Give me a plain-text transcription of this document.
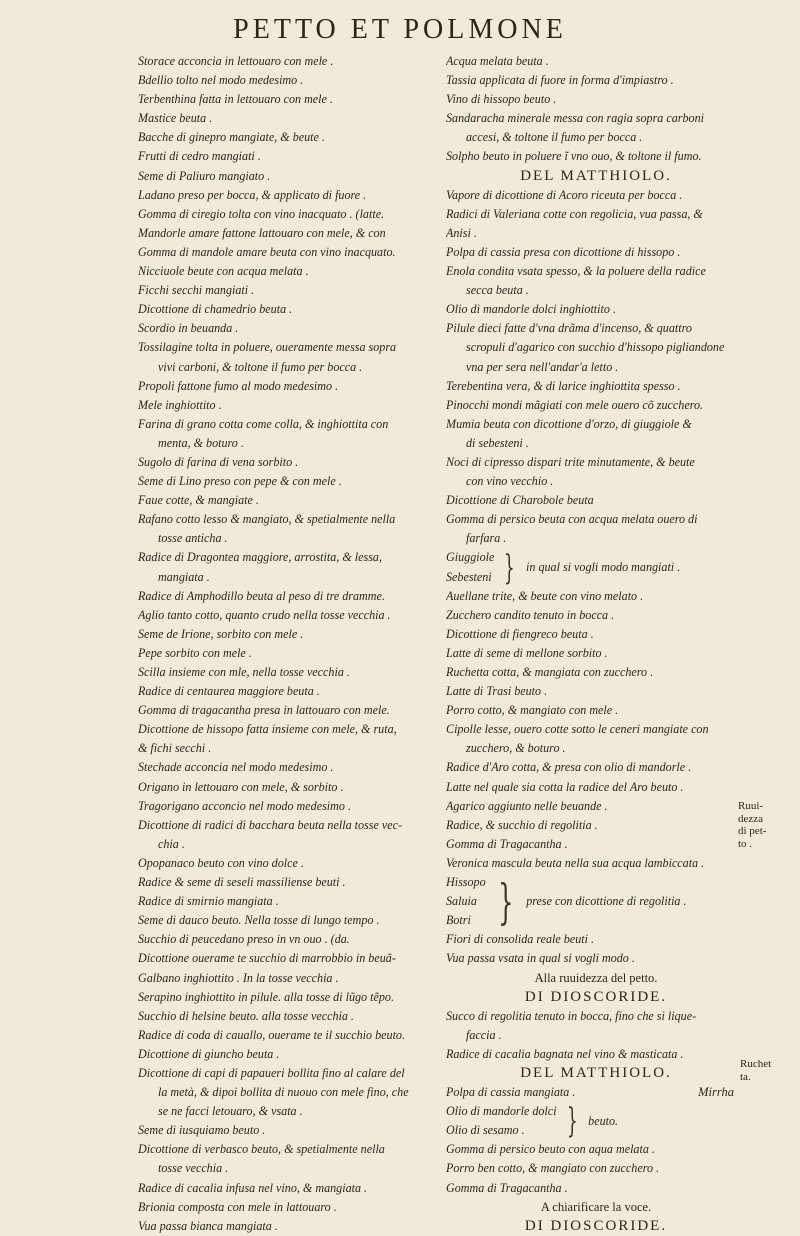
PETTO ET POLMONE
Storace acconcia in lettouaro con mele .
Bdellio tolto nel modo medesimo .
Terbenthina fatta in lettouaro con mele .
Mastice beuta .
Bacche di ginepro mangiate, & beute .
Frutti di cedro mangiati .
Seme di Paliuro mangiato .
Ladano preso per bocca, & applicato di fuore .
Gomma di ciregio tolta con vino inacquato . (latte.
Mandorle amare fattone lattouaro con mele, & con
Gomma di mandole amare beuta con vino inacquato.
Nicciuole beute con acqua melata .
Ficchi secchi mangiati .
Dicottione di chamedrio beuta .
Scordio in beuanda .
Tossilagine tolta in poluere, oueramente messa sopra
vivi carboni, & toltone il fumo per bocca .
Propoli fattone fumo al modo medesimo .
Mele inghiottito .
Farina di grano cotta come colla, & inghiottita con
menta, & boturo .
Sugolo di farina di vena sorbito .
Seme di Lino preso con pepe & con mele .
Faue cotte, & mangiate .
Rafano cotto lesso & mangiato, & spetialmente nella
tosse anticha .
Radice di Dragontea maggiore, arrostita, & lessa,
mangiata .
Radice di Amphodillo beuta al peso di tre dramme.
Aglio tanto cotto, quanto crudo nella tosse vecchia .
Seme de Irione, sorbito con mele .
Pepe sorbito con mele .
Scilla insieme con mle, nella tosse vecchia .
Radice di centaurea maggiore beuta .
Gomma di tragacantha presa in lattouaro con mele.
Dicottione de hissopo fatta insieme con mele, & ruta,
& fichi secchi .
Stechade acconcia nel modo medesimo .
Origano in lettouaro con mele, & sorbito .
Tragorigano acconcio nel modo medesimo .
Dicottione di radici di bacchara beuta nella tosse vec-
chia .
Opopanaco beuto con vino dolce .
Radice & seme di seseli massiliense beuti .
Radice di smirnio mangiata .
Seme di dauco beuto. Nella tosse di lungo tempo .
Succhio di peucedano preso in vn ouo . (da.
Dicottione ouerame te succhio di marrobbio in beuã-
Galbano inghiottito . In la tosse vecchia .
Serapino inghiottito in pilule. alla tosse di lũgo tẽpo.
Succhio di helsine beuto. alla tosse vecchia .
Radice di coda di cauallo, ouerame te il succhio beuto.
Dicottione di giuncho beuta .
Dicottione di capi di papaueri bollita fino al calare del
la metà, & dipoi bollita di nuouo con mele fino, che
se ne facci letouaro, & vsata .
Seme di iusquiamo beuto .
Dicottione di verbasco beuto, & spetialmente nella
tosse vecchia .
Radice di cacalia infusa nel vino, & mangiata .
Brionia composta con mele in lattouaro .
Vua passa bianca mangiata .
Acqua melata beuta .
Tassia applicata di fuore in forma d'impiastro .
Vino di hissopo beuto .
Sandaracha minerale messa con ragia sopra carboni
accesi, & toltone il fumo per bocca .
Solpho beuto in poluere ĩ vno ouo, & toltone il fumo.
DEL MATTHIOLO.
Vapore di dicottione di Acoro riceuta per bocca .
Radici di Valeriana cotte con regolicia, vua passa, &
Anisi .
Polpa di cassia presa con dicottione di hissopo .
Enola condita vsata spesso, & la poluere della radice
secca beuta .
Olio di mandorle dolci inghiottito .
Pilule dieci fatte d'vna drãma d'incenso, & quattro
scropuli d'agarico con succhio d'hissopo pigliandone
vna per sera nell'andar'a letto .
Terebentina vera, & di larice inghiottita spesso .
Pinocchi mondi mãgiati con mele ouero cõ zucchero.
Mumia beuta con dicottione d'orzo, di giuggiole &
di sebesteni .
Noci di cipresso dispari trite minutamente, & beute
con vino vecchio .
Dicottione di Charobole beuta
Gomma di persico beuta con acqua melata ouero di
farfara .
Giuggiole
Sebesteni } in qual si vogli modo mangiati .
Auellane trite, & beute con vino melato .
Zucchero candito tenuto in bocca .
Dicottione di fiengreco beuta .
Latte di seme di mellone sorbito .
Ruchetta cotta, & mangiata con zucchero .
Latte di Trasi beuto .
Porro cotto, & mangiato con mele .
Cipolle lesse, ouero cotte sotto le ceneri mangiate con
zucchero, & boturo .
Radice d'Aro cotta, & presa con olio di mandorle .
Latte nel quale sia cotta la radice del Aro beuto .
Agarico aggiunto nelle beuande .
Radice, & succhio di regolitia .
Gomma di Tragacantha .
Veronica masculа beuta nella sua acqua lambiccata .
Hissopo
Saluia
Botri } prese con dicottione di regolitia .
Fiori di consolida reale beuti .
Vua passa vsata in qual si vogli modo .
Alla ruuidezza del petto.
DI DIOSCORIDE.
Succo di regolitia tenuto in bocca, fino che si lique-
faccia .
Radice di cacalia bagnata nel vino & masticata .
DEL MATTHIOLO.
Polpa di cassia mangiata .
Olio di mandorle dolci
Olio di sesamo .	} beuto.
Gomma di persico beuto con aqua melata .
Porro ben cotto, & mangiato con zucchero .
Gomma di Tragacantha .
A chiarificare la voce.
DI DIOSCORIDE.
Ruui-
dezza
di pet-
to .
Ruchet
ta.
Mirrha
